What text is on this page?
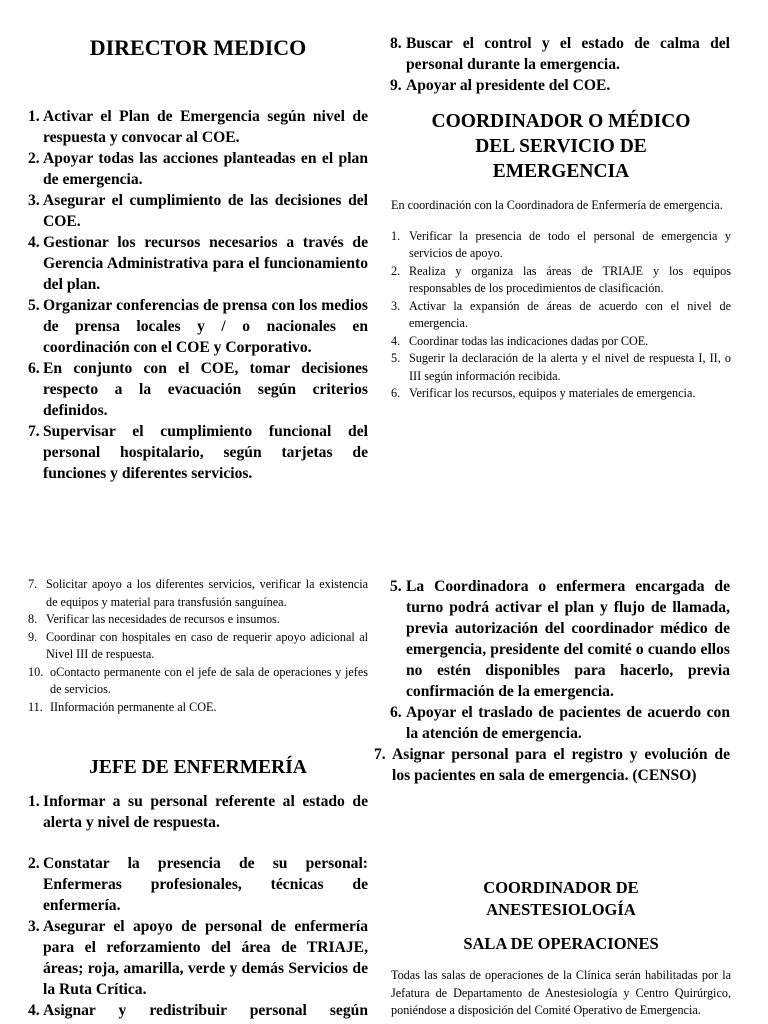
DIRECTOR MEDICO
1. Activar el Plan de Emergencia según nivel de respuesta y convocar al COE.
2. Apoyar todas las acciones planteadas en el plan de emergencia.
3. Asegurar el cumplimiento de las decisiones del COE.
4. Gestionar los recursos necesarios a través de Gerencia Administrativa para el funcionamiento del plan.
5. Organizar conferencias de prensa con los medios de prensa locales y / o nacionales en coordinación con el COE y Corporativo.
6. En conjunto con el COE, tomar decisiones respecto a la evacuación según criterios definidos.
7. Supervisar el cumplimiento funcional del personal hospitalario, según tarjetas de funciones y diferentes servicios.
8. Buscar el control y el estado de calma del personal durante la emergencia.
9. Apoyar al presidente del COE.
COORDINADOR O MÉDICO DEL SERVICIO DE EMERGENCIA

En coordinación con la Coordinadora de Enfermería de emergencia.

1. Verificar la presencia de todo el personal de emergencia y servicios de apoyo.
2. Realiza y organiza las áreas de TRIAJE y los equipos responsables de los procedimientos de clasificación.
3. Activar la expansión de áreas de acuerdo con el nivel de emergencia.
4. Coordinar todas las indicaciones dadas por COE.
5. Sugerir la declaración de la alerta y el nivel de respuesta I, II, o III según información recibida.
6. Verificar los recursos, equipos y materiales de emergencia.
7. Solicitar apoyo a los diferentes servicios, verificar la existencia de equipos y material para transfusión sanguínea.
8. Verificar las necesidades de recursos e insumos.
9. Coordinar con hospitales en caso de requerir apoyo adicional al Nivel III de respuesta.
10. oContacto permanente con el jefe de sala de operaciones y jefes de servicios.
11. IInformación permanente al COE.
JEFE DE ENFERMERÍA
1. Informar a su personal referente al estado de alerta y nivel de respuesta.
2. Constatar la presencia de su personal: Enfermeras profesionales, técnicas de enfermería.
3. Asegurar el apoyo de personal de enfermería para el reforzamiento del área de TRIAJE, áreas; roja, amarilla, verde y demás Servicios de la Ruta Crítica.
4. Asignar y redistribuir personal según
5. La Coordinadora o enfermera encargada de turno podrá activar el plan y flujo de llamada, previa autorización del coordinador médico de emergencia, presidente del comité o cuando ellos no estén disponibles para hacerlo, previa confirmación de la emergencia.
6. Apoyar el traslado de pacientes de acuerdo con la atención de emergencia.
7. Asignar personal para el registro y evolución de los pacientes en sala de emergencia. (CENSO)
COORDINADOR DE ANESTESIOLOGÍA
SALA DE OPERACIONES

Todas las salas de operaciones de la Clínica serán habilitadas por la Jefatura de Departamento de Anestesiología y Centro Quirúrgico, poniéndose a disposición del Comité Operativo de Emergencia.
